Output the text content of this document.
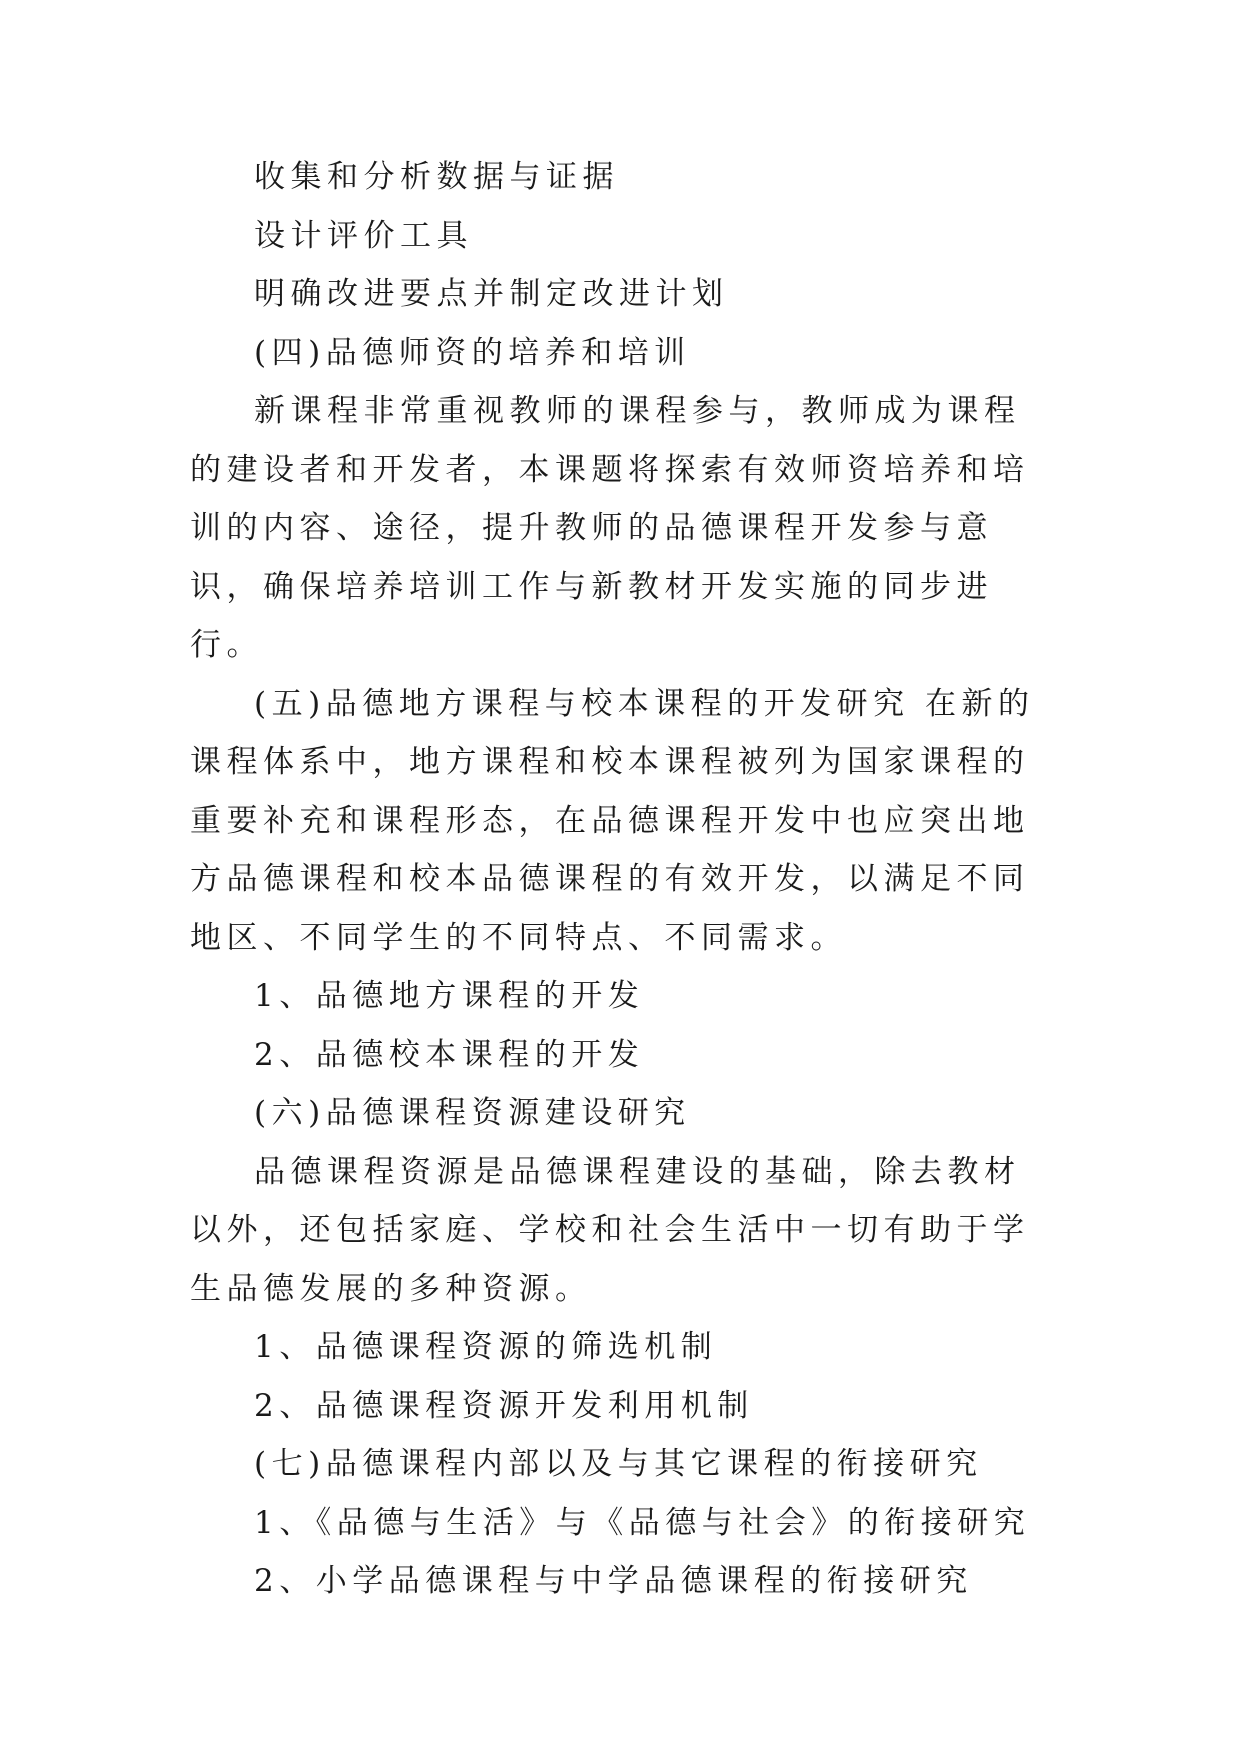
收集和分析数据与证据

设计评价工具

明确改进要点并制定改进计划

(四)品德师资的培养和培训

新课程非常重视教师的课程参与，教师成为课程的建设者和开发者，本课题将探索有效师资培养和培训的内容、途径，提升教师的品德课程开发参与意识，确保培养培训工作与新教材开发实施的同步进行。

(五)品德地方课程与校本课程的开发研究 在新的课程体系中，地方课程和校本课程被列为国家课程的重要补充和课程形态，在品德课程开发中也应突出地方品德课程和校本品德课程的有效开发，以满足不同地区、不同学生的不同特点、不同需求。

1、品德地方课程的开发

2、品德校本课程的开发

(六)品德课程资源建设研究

品德课程资源是品德课程建设的基础，除去教材以外，还包括家庭、学校和社会生活中一切有助于学生品德发展的多种资源。

1、品德课程资源的筛选机制

2、品德课程资源开发利用机制

(七)品德课程内部以及与其它课程的衔接研究

1、《品德与生活》与《品德与社会》的衔接研究

2、小学品德课程与中学品德课程的衔接研究
